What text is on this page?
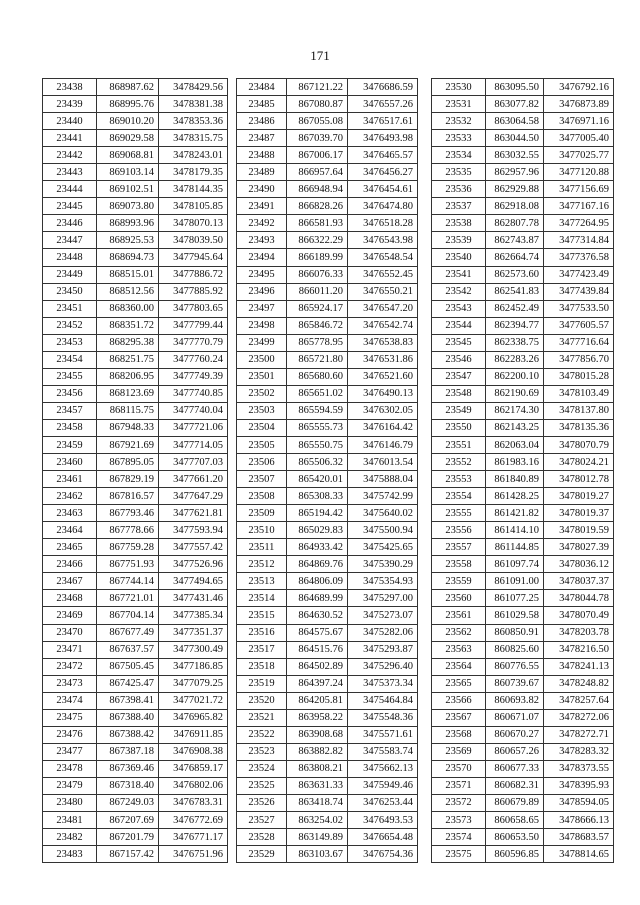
171
23438	868987.62	3478429.56
23439	868995.76	3478381.38
23440	869010.20	3478353.36
23441	869029.58	3478315.75
23442	869068.81	3478243.01
23443	869103.14	3478179.35
23444	869102.51	3478144.35
23445	869073.80	3478105.85
23446	868993.96	3478070.13
23447	868925.53	3478039.50
23448	868694.73	3477945.64
23449	868515.01	3477886.72
23450	868512.56	3477885.92
23451	868360.00	3477803.65
23452	868351.72	3477799.44
23453	868295.38	3477770.79
23454	868251.75	3477760.24
23455	868206.95	3477749.39
23456	868123.69	3477740.85
23457	868115.75	3477740.04
23458	867948.33	3477721.06
23459	867921.69	3477714.05
23460	867895.05	3477707.03
23461	867829.19	3477661.20
23462	867816.57	3477647.29
23463	867793.46	3477621.81
23464	867778.66	3477593.94
23465	867759.28	3477557.42
23466	867751.93	3477526.96
23467	867744.14	3477494.65
23468	867721.01	3477431.46
23469	867704.14	3477385.34
23470	867677.49	3477351.37
23471	867637.57	3477300.49
23472	867505.45	3477186.85
23473	867425.47	3477079.25
23474	867398.41	3477021.72
23475	867388.40	3476965.82
23476	867388.42	3476911.85
23477	867387.18	3476908.38
23478	867369.46	3476859.17
23479	867318.40	3476802.06
23480	867249.03	3476783.31
23481	867207.69	3476772.69
23482	867201.79	3476771.17
23483	867157.42	3476751.96
23484	867121.22	3476686.59
23485	867080.87	3476557.26
23486	867055.08	3476517.61
23487	867039.70	3476493.98
23488	867006.17	3476465.57
23489	866957.64	3476456.27
23490	866948.94	3476454.61
23491	866828.26	3476474.80
23492	866581.93	3476518.28
23493	866322.29	3476543.98
23494	866189.99	3476548.54
23495	866076.33	3476552.45
23496	866011.20	3476550.21
23497	865924.17	3476547.20
23498	865846.72	3476542.74
23499	865778.95	3476538.83
23500	865721.80	3476531.86
23501	865680.60	3476521.60
23502	865651.02	3476490.13
23503	865594.59	3476302.05
23504	865555.73	3476164.42
23505	865550.75	3476146.79
23506	865506.32	3476013.54
23507	865420.01	3475888.04
23508	865308.33	3475742.99
23509	865194.42	3475640.02
23510	865029.83	3475500.94
23511	864933.42	3475425.65
23512	864869.76	3475390.29
23513	864806.09	3475354.93
23514	864689.99	3475297.00
23515	864630.52	3475273.07
23516	864575.67	3475282.06
23517	864515.76	3475293.87
23518	864502.89	3475296.40
23519	864397.24	3475373.34
23520	864205.81	3475464.84
23521	863958.22	3475548.36
23522	863908.68	3475571.61
23523	863882.82	3475583.74
23524	863808.21	3475662.13
23525	863631.33	3475949.46
23526	863418.74	3476253.44
23527	863254.02	3476493.53
23528	863149.89	3476654.48
23529	863103.67	3476754.36
23530	863095.50	3476792.16
23531	863077.82	3476873.89
23532	863064.58	3476971.16
23533	863044.50	3477005.40
23534	863032.55	3477025.77
23535	862957.96	3477120.88
23536	862929.88	3477156.69
23537	862918.08	3477167.16
23538	862807.78	3477264.95
23539	862743.87	3477314.84
23540	862664.74	3477376.58
23541	862573.60	3477423.49
23542	862541.83	3477439.84
23543	862452.49	3477533.50
23544	862394.77	3477605.57
23545	862338.75	3477716.64
23546	862283.26	3477856.70
23547	862200.10	3478015.28
23548	862190.69	3478103.49
23549	862174.30	3478137.80
23550	862143.25	3478135.36
23551	862063.04	3478070.79
23552	861983.16	3478024.21
23553	861840.89	3478012.78
23554	861428.25	3478019.27
23555	861421.82	3478019.37
23556	861414.10	3478019.59
23557	861144.85	3478027.39
23558	861097.74	3478036.12
23559	861091.00	3478037.37
23560	861077.25	3478044.78
23561	861029.58	3478070.49
23562	860850.91	3478203.78
23563	860825.60	3478216.50
23564	860776.55	3478241.13
23565	860739.67	3478248.82
23566	860693.82	3478257.64
23567	860671.07	3478272.06
23568	860670.27	3478272.71
23569	860657.26	3478283.32
23570	860677.33	3478373.55
23571	860682.31	3478395.93
23572	860679.89	3478594.05
23573	860658.65	3478666.13
23574	860653.50	3478683.57
23575	860596.85	3478814.65
